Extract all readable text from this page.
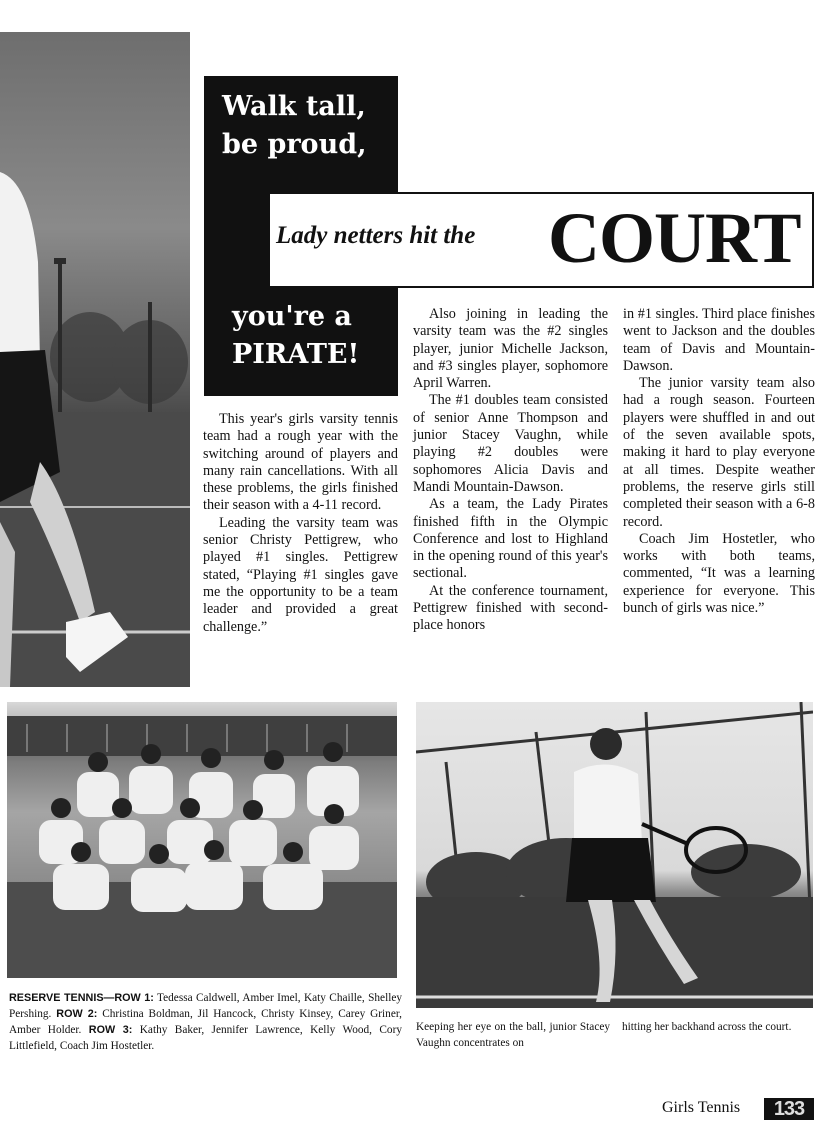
Walk tall,
be proud,
you're a
PIRATE!
Lady netters hit the COURT

This year's girls varsity tennis team had a rough year with the switching around of players and many rain cancellations. With all these problems, the girls finished their season with a 4-11 record.

Leading the varsity team was senior Christy Pettigrew, who played #1 singles. Pettigrew stated, “Playing #1 singles gave me the opportunity to be a team leader and provided a great challenge.”

Also joining in leading the varsity team was the #2 singles player, junior Michelle Jackson, and #3 singles player, sophomore April Warren.

The #1 doubles team consisted of senior Anne Thompson and junior Stacey Vaughn, while playing #2 doubles were sophomores Alicia Davis and Mandi Mountain-Dawson.

As a team, the Lady Pirates finished fifth in the Olympic Conference and lost to Highland in the opening round of this year's sectional.

At the conference tournament, Pettigrew finished with second-place honors

in #1 singles. Third place finishes went to Jackson and the doubles team of Davis and Mountain-Dawson.

The junior varsity team also had a rough season. Fourteen players were shuffled in and out of the seven available spots, making it hard to play everyone at all times. Despite weather problems, the reserve girls still completed their season with a 6-8 record.

Coach Jim Hostetler, who works with both teams, commented, “It was a learning experience for everyone. This bunch of girls was nice.”

RESERVE TENNIS—ROW 1: Tedessa Caldwell, Amber Imel, Katy Chaille, Shelley Pershing. ROW 2: Christina Boldman, Jil Hancock, Christy Kinsey, Carey Griner, Amber Holder. ROW 3: Kathy Baker, Jennifer Lawrence, Kelly Wood, Cory Littlefield, Coach Jim Hostetler.
Keeping her eye on the ball, junior Stacey Vaughn concentrates on
hitting her backhand across the court.
Girls Tennis	133
